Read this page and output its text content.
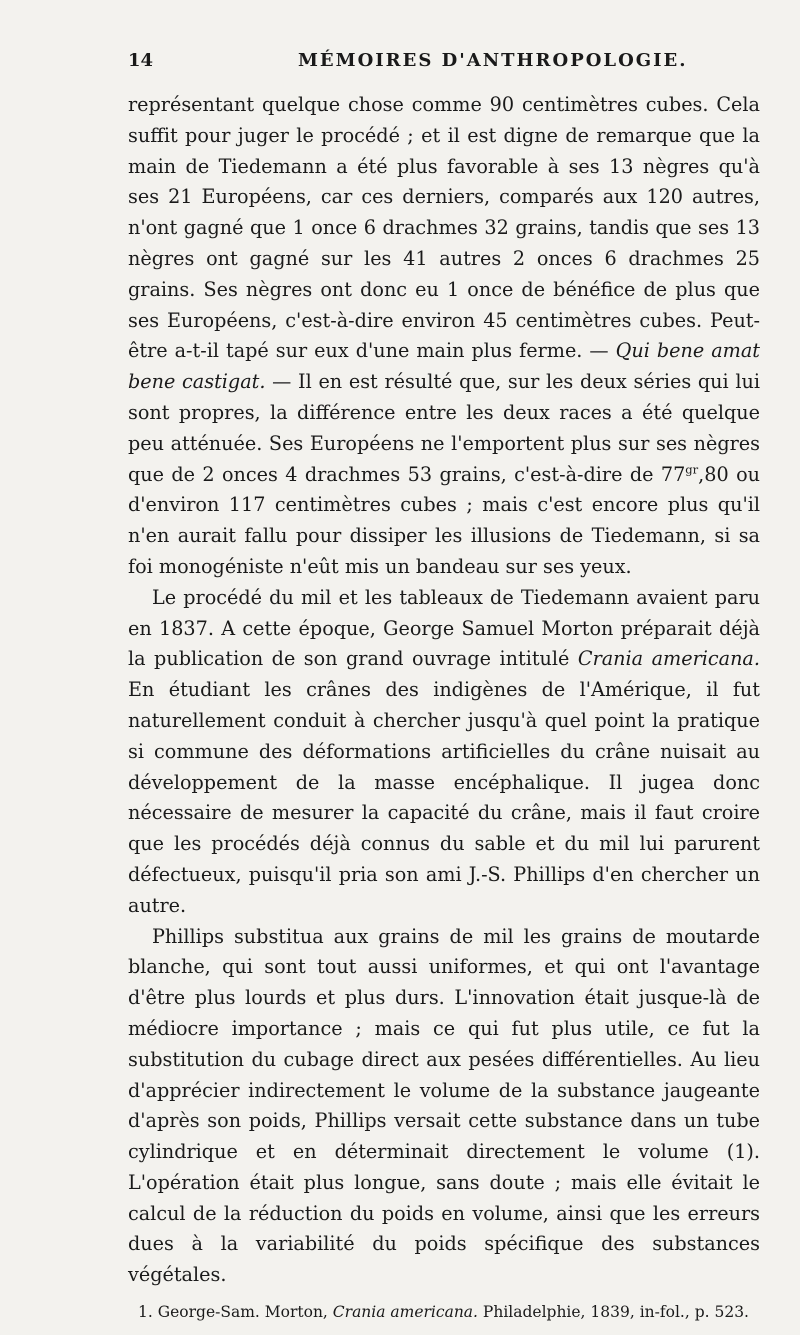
14	MÉMOIRES D'ANTHROPOLOGIE.

représentant quelque chose comme 90 centimètres cubes. Cela suffit pour juger le procédé ; et il est digne de remarque que la main de Tiedemann a été plus favorable à ses 13 nègres qu'à ses 21 Européens, car ces derniers, comparés aux 120 autres, n'ont gagné que 1 once 6 drachmes 32 grains, tandis que ses 13 nègres ont gagné sur les 41 autres 2 onces 6 drachmes 25 grains. Ses nègres ont donc eu 1 once de bénéfice de plus que ses Européens, c'est-à-dire environ 45 centimètres cubes. Peut-être a-t-il tapé sur eux d'une main plus ferme. — Qui bene amat bene castigat. — Il en est résulté que, sur les deux séries qui lui sont propres, la différence entre les deux races a été quelque peu atténuée. Ses Européens ne l'emportent plus sur ses nègres que de 2 onces 4 drachmes 53 grains, c'est-à-dire de $77^{gr},80$ ou d'environ 117 centimètres cubes ; mais c'est encore plus qu'il n'en aurait fallu pour dissiper les illusions de Tiedemann, si sa foi monogéniste n'eût mis un bandeau sur ses yeux.

Le procédé du mil et les tableaux de Tiedemann avaient paru en 1837. A cette époque, George Samuel Morton préparait déjà la publication de son grand ouvrage intitulé Crania americana. En étudiant les crânes des indigènes de l'Amérique, il fut naturellement conduit à chercher jusqu'à quel point la pratique si commune des déformations artificielles du crâne nuisait au développement de la masse encéphalique. Il jugea donc nécessaire de mesurer la capacité du crâne, mais il faut croire que les procédés déjà connus du sable et du mil lui parurent défectueux, puisqu'il pria son ami J.-S. Phillips d'en chercher un autre.

Phillips substitua aux grains de mil les grains de moutarde blanche, qui sont tout aussi uniformes, et qui ont l'avantage d'être plus lourds et plus durs. L'innovation était jusque-là de médiocre importance ; mais ce qui fut plus utile, ce fut la substitution du cubage direct aux pesées différentielles. Au lieu d'apprécier indirectement le volume de la substance jaugeante d'après son poids, Phillips versait cette substance dans un tube cylindrique et en déterminait directement le volume (1). L'opération était plus longue, sans doute ; mais elle évitait le calcul de la réduction du poids en volume, ainsi que les erreurs dues à la variabilité du poids spécifique des substances végétales.

1. George-Sam. Morton, Crania americana. Philadelphie, 1839, in-fol., p. 523.
